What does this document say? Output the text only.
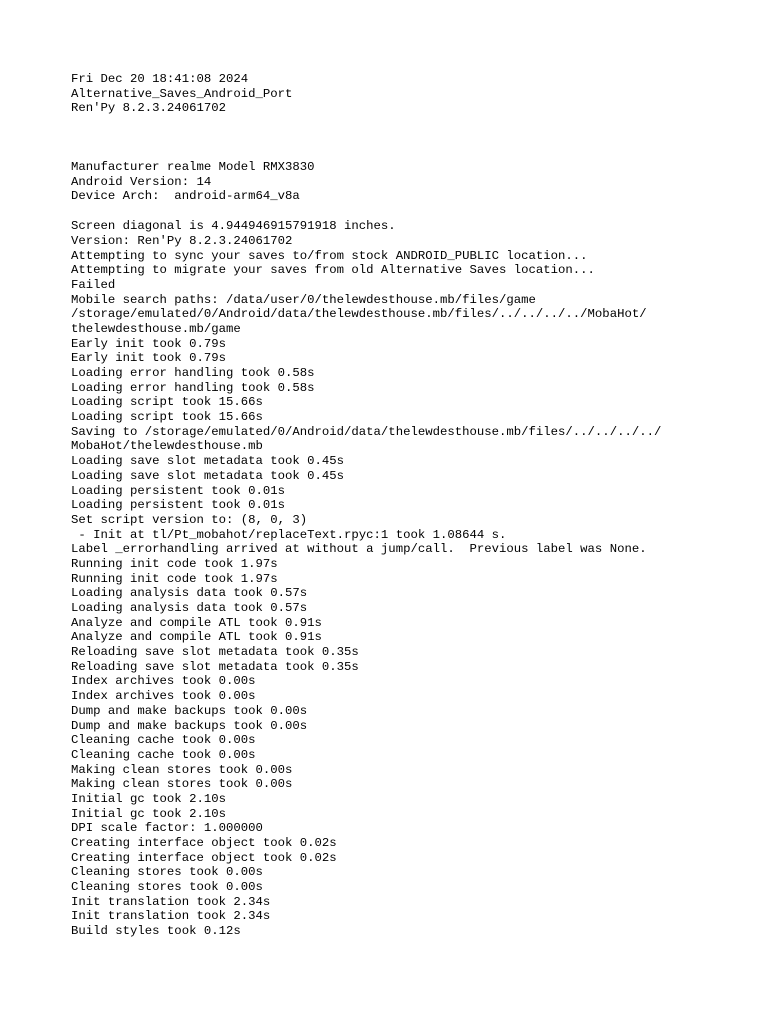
Fri Dec 20 18:41:08 2024
Alternative_Saves_Android_Port
Ren'Py 8.2.3.24061702
Manufacturer realme Model RMX3830
Android Version: 14
Device Arch:  android-arm64_v8a
Screen diagonal is 4.944946915791918 inches.
Version: Ren'Py 8.2.3.24061702
Attempting to sync your saves to/from stock ANDROID_PUBLIC location...
Attempting to migrate your saves from old Alternative Saves location...
Failed
Mobile search paths: /data/user/0/thelewdesthouse.mb/files/game
/storage/emulated/0/Android/data/thelewdesthouse.mb/files/../../../../MobaHot/
thelewdesthouse.mb/game
Early init took 0.79s
Early init took 0.79s
Loading error handling took 0.58s
Loading error handling took 0.58s
Loading script took 15.66s
Loading script took 15.66s
Saving to /storage/emulated/0/Android/data/thelewdesthouse.mb/files/../../../../
MobaHot/thelewdesthouse.mb
Loading save slot metadata took 0.45s
Loading save slot metadata took 0.45s
Loading persistent took 0.01s
Loading persistent took 0.01s
Set script version to: (8, 0, 3)
- Init at tl/Pt_mobahot/replaceText.rpyc:1 took 1.08644 s.
Label _errorhandling arrived at without a jump/call.  Previous label was None.
Running init code took 1.97s
Running init code took 1.97s
Loading analysis data took 0.57s
Loading analysis data took 0.57s
Analyze and compile ATL took 0.91s
Analyze and compile ATL took 0.91s
Reloading save slot metadata took 0.35s
Reloading save slot metadata took 0.35s
Index archives took 0.00s
Index archives took 0.00s
Dump and make backups took 0.00s
Dump and make backups took 0.00s
Cleaning cache took 0.00s
Cleaning cache took 0.00s
Making clean stores took 0.00s
Making clean stores took 0.00s
Initial gc took 2.10s
Initial gc took 2.10s
DPI scale factor: 1.000000
Creating interface object took 0.02s
Creating interface object took 0.02s
Cleaning stores took 0.00s
Cleaning stores took 0.00s
Init translation took 2.34s
Init translation took 2.34s
Build styles took 0.12s
